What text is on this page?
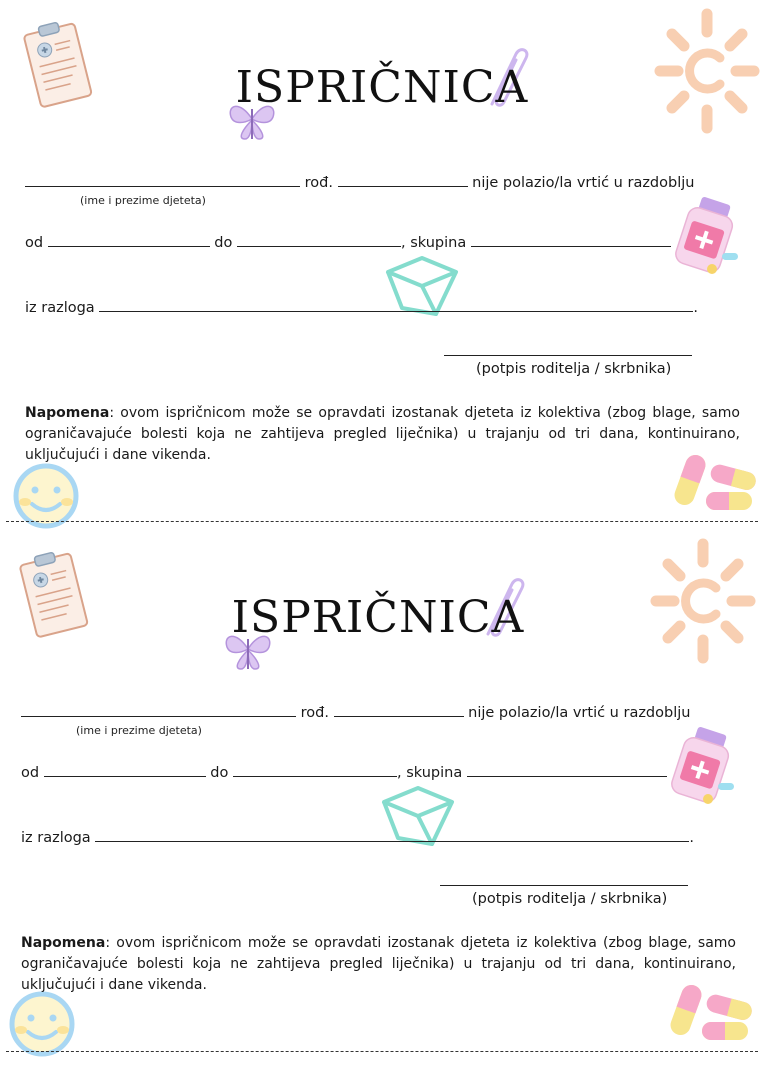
ISPRIČNICA
rođ.	nije polazio/la vrtić u razdoblju
(ime i prezime djeteta)
od	do	, skupina
iz razloga	.
(potpis roditelja / skrbnika)
Napomena: ovom ispričnicom može se opravdati izostanak djeteta iz kolektiva (zbog blage, samo ograničavajuće bolesti koja ne zahtijeva pregled liječnika) u trajanju od tri dana, kontinuirano, uključujući i dane vikenda.
ISPRIČNICA
rođ.	nije polazio/la vrtić u razdoblju
(ime i prezime djeteta)
od	do	, skupina
iz razloga	.
(potpis roditelja / skrbnika)
Napomena: ovom ispričnicom može se opravdati izostanak djeteta iz kolektiva (zbog blage, samo ograničavajuće bolesti koja ne zahtijeva pregled liječnika) u trajanju od tri dana, kontinuirano, uključujući i dane vikenda.
